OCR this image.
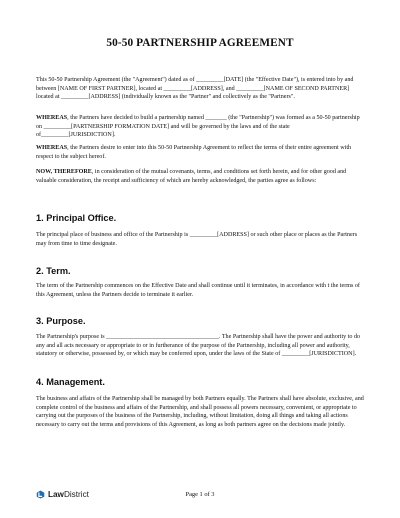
50-50 PARTNERSHIP AGREEMENT

This 50-50 Partnership Agreement (the "Agreement") dated as of _________[DATE] (the "Effective Date"), is entered into by and between [NAME OF FIRST PARTNER], located at _________[ADDRESS], and _________[NAME OF SECOND PARTNER] located at _________[ADDRESS] (individually known as the "Partner" and collectively as the "Partners".

WHEREAS, the Partners have decided to build a partnership named _______ (the "Partnership") was formed as a 50-50 partnership on _________[PARTNERSHIP FORMATION DATE] and will be governed by the laws and of the state of_________[JURISDICTION].

WHEREAS, the Partners desire to enter into this 50-50 Partnership Agreement to reflect the terms of their entire agreement with respect to the subject hereof.

NOW, THEREFORE, in consideration of the mutual covenants, terms, and conditions set forth herein, and for other good and valuable consideration, the receipt and sufficiency of which are hereby acknowledged, the parties agree as follows:

1. Principal Office.

The principal place of business and office of the Partnership is _________[ADDRESS] or such other place or places as the Partners may from time to time designate.

2. Term.

The term of the Partnership commences on the Effective Date and shall continue until it terminates, in accordance with t the terms of this Agreement, unless the Partners decide to terminate it earlier.

3. Purpose.

The Partnership's purpose is _____________________________________. The Partnership shall have the power and authority to do any and all acts necessary or appropriate to or in furtherance of the purpose of the Partnership, including all power and authority, statutory or otherwise, possessed by, or which may be conferred upon, under the laws of the State of _________[JURISDICTION].

4. Management.

The business and affairs of the Partnership shall be managed by both Partners equally. The Partners shall have absolute, exclusive, and complete control of the business and affairs of the Partnership, and shall possess all powers necessary, convenient, or appropriate to carrying out the purposes of the business of the Partnership, including, without limitation, doing all things and taking all actions necessary to carry out the terms and provisions of this Agreement, as long as both partners agree on the decisions made jointly.

LawDistrict	Page 1 of 3
